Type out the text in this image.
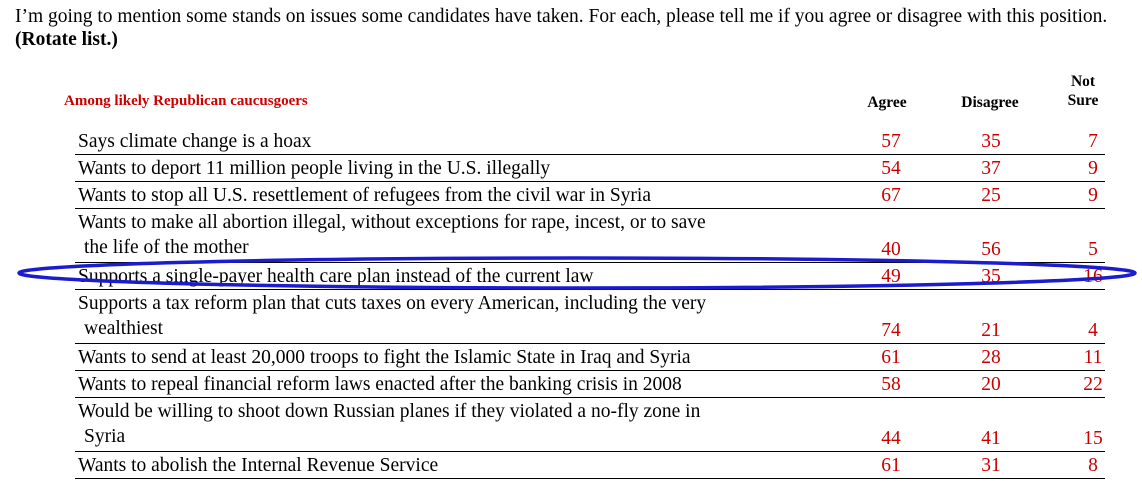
I’m going to mention some stands on issues some candidates have taken. For each, please tell me if you agree or disagree with this position. (Rotate list.)
Among likely Republican caucusgoers	Agree	Disagree
Not
Sure
Says climate change is a hoax	57	35	7
Wants to deport 11 million people living in the U.S. illegally	54	37	9
Wants to stop all U.S. resettlement of refugees from the civil war in Syria	67	25	9
Wants to make all abortion illegal, without exceptions for rape, incest, or to save
the life of the mother	40	56	5
Supports a single-payer health care plan instead of the current law	49	35	16
Supports a tax reform plan that cuts taxes on every American, including the very
wealthiest	74	21	4
Wants to send at least 20,000 troops to fight the Islamic State in Iraq and Syria	61	28	11
Wants to repeal financial reform laws enacted after the banking crisis in 2008	58	20	22
Would be willing to shoot down Russian planes if they violated a no-fly zone in
Syria	44	41	15
Wants to abolish the Internal Revenue Service	61	31	8
